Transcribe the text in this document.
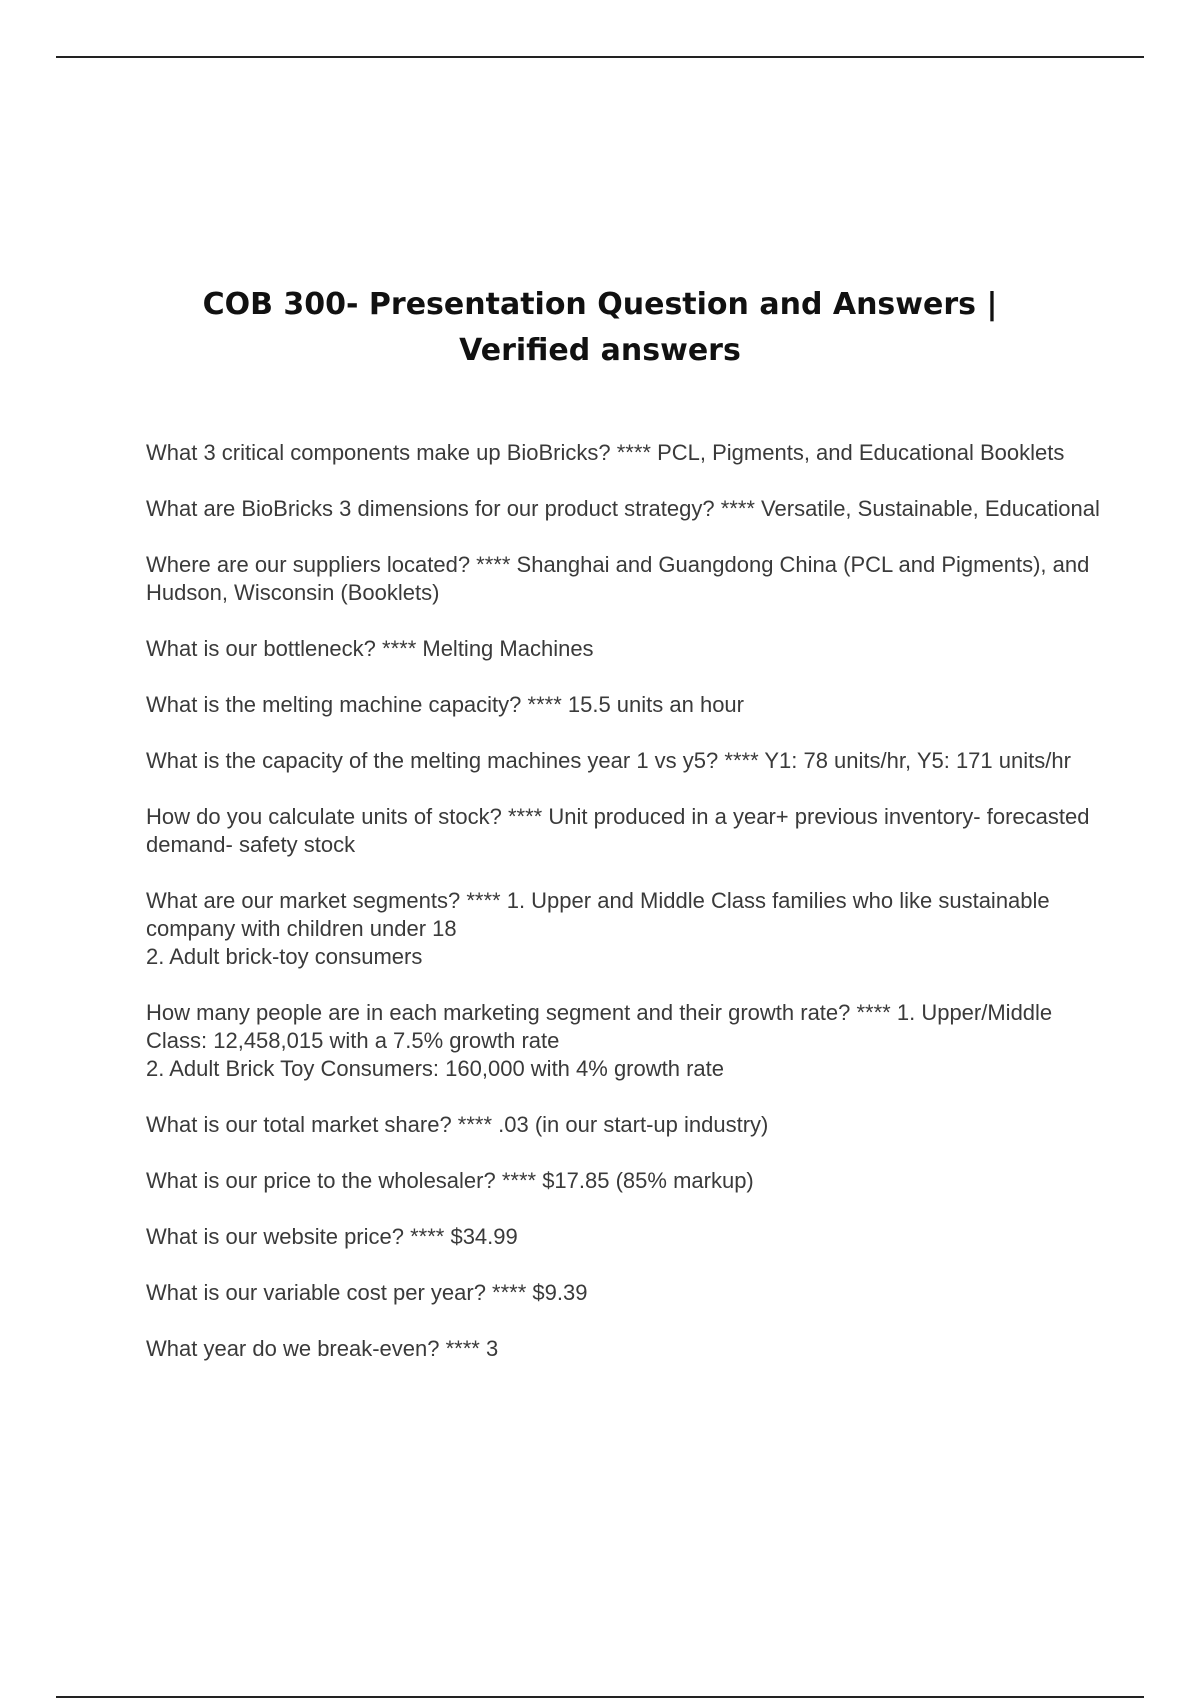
COB 300- Presentation Question and Answers | Verified answers
What 3 critical components make up BioBricks? **** PCL, Pigments, and Educational Booklets
What are BioBricks 3 dimensions for our product strategy? **** Versatile, Sustainable, Educational
Where are our suppliers located? **** Shanghai and Guangdong China (PCL and Pigments), and Hudson, Wisconsin (Booklets)
What is our bottleneck? **** Melting Machines
What is the melting machine capacity? **** 15.5 units an hour
What is the capacity of the melting machines year 1 vs y5? **** Y1: 78 units/hr, Y5: 171 units/hr
How do you calculate units of stock? **** Unit produced in a year+ previous inventory- forecasted demand- safety stock
What are our market segments? **** 1. Upper and Middle Class families who like sustainable company with children under 18
2. Adult brick-toy consumers
How many people are in each marketing segment and their growth rate? **** 1. Upper/Middle Class: 12,458,015 with a 7.5% growth rate
2. Adult Brick Toy Consumers: 160,000 with 4% growth rate
What is our total market share? **** .03 (in our start-up industry)
What is our price to the wholesaler? **** $17.85 (85% markup)
What is our website price? **** $34.99
What is our variable cost per year? **** $9.39
What year do we break-even? **** 3
